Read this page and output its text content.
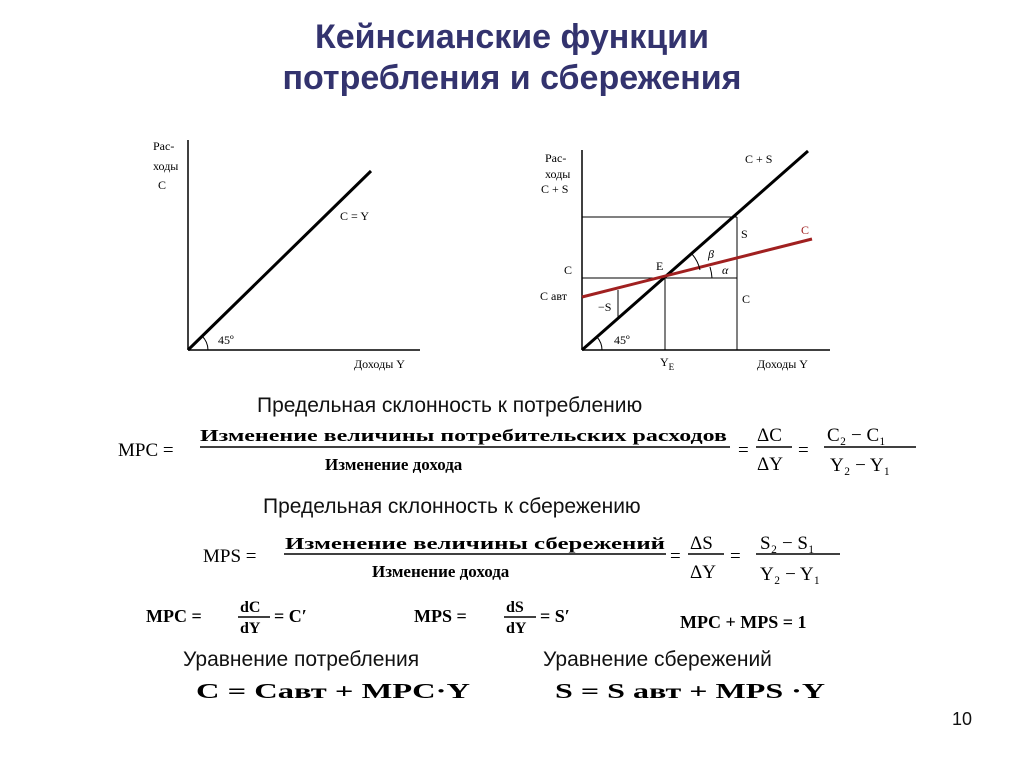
Кейнсианские функции
потребления и сбережения
Рас-
ходы
C
C = Y
45º
Доходы Y
Рас-
ходы
C + S
C + S
C
S
C
C авт
−S
E
β
α
C
45º
$Y_E$	Доходы Y
MPC =
Изменение величины потребительских расходов
Изменение дохода
=
ΔC
ΔY
=
C₂ − C₁
Y₂ − Y₁
MPS =
Изменение величины сбережений
Изменение дохода
=
ΔS
ΔY
=
S₂ − S₁
Y₂ − Y₁
MPC = dC
dY
= C′	MPS = dS
dY
= S′	MPC + MPS = 1
C = Cавт + MPC·Y	S = S авт + MPS ·Y
Предельная склонность к потреблению
Предельная склонность к сбережению
Уравнение потребления	Уравнение сбережений
10
